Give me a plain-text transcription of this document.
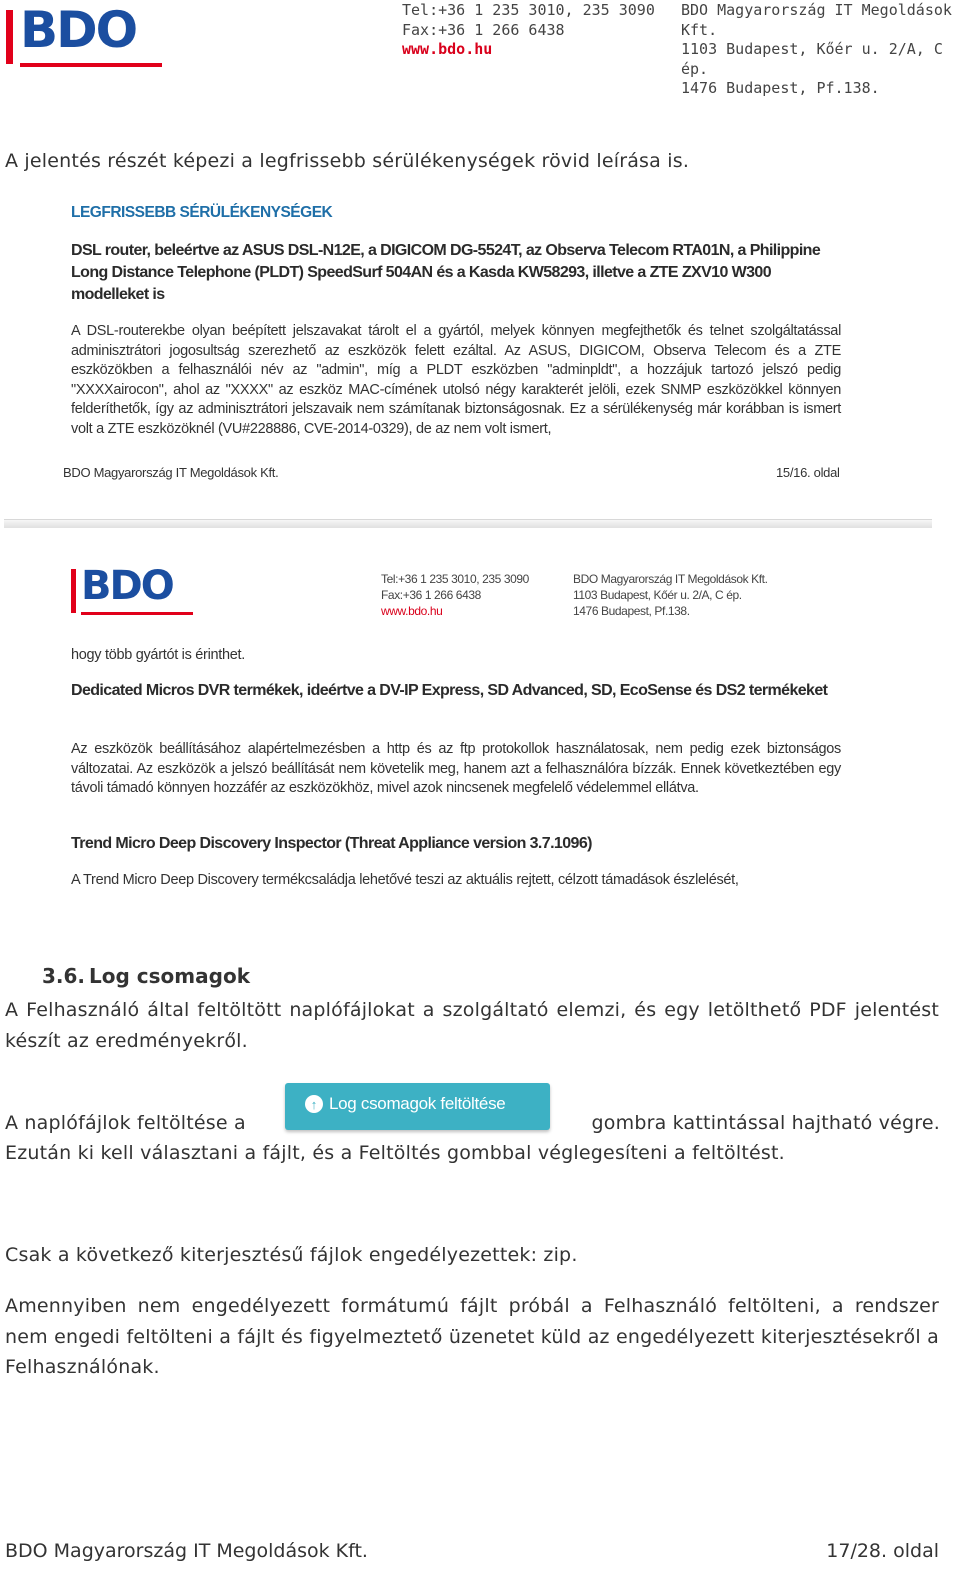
BDO	Tel:+36 1 235 3010, 235 3090
Fax:+36 1 266 6438
www.bdo.hu
BDO Magyarország IT Megoldások Kft.
1103 Budapest, Kőér u. 2/A, C ép.
1476 Budapest, Pf.138.
A jelentés részét képezi a legfrissebb sérülékenységek rövid leírása is.
LEGFRISSEBB SÉRÜLÉKENYSÉGEK
DSL router, beleértve az ASUS DSL-N12E, a DIGICOM DG-5524T, az Observa Telecom RTA01N, a Philippine Long Distance Telephone (PLDT) SpeedSurf 504AN és a Kasda KW58293, illetve a ZTE ZXV10 W300 modelleket is
A DSL-routerekbe olyan beépített jelszavakat tárolt el a gyártól, melyek könnyen megfejthetők és telnet szolgáltatással adminisztrátori jogosultság szerezhető az eszközök felett ezáltal. Az ASUS, DIGICOM, Observa Telecom és a ZTE eszközökben a felhasználói név az "admin", míg a PLDT eszközben "adminpldt", a hozzájuk tartozó jelszó pedig "XXXXairocon", ahol az "XXXX" az eszköz MAC-címének utolsó négy karakterét jelöli, ezek SNMP eszközökkel könnyen felderíthetők, így az adminisztrátori jelszavaik nem számítanak biztonságosnak. Ez a sérülékenység már korábban is ismert volt a ZTE eszközöknél (VU#228886, CVE-2014-0329), de az nem volt ismert,
BDO Magyarország IT Megoldások Kft.	15/16. oldal
BDO	Tel:+36 1 235 3010, 235 3090
Fax:+36 1 266 6438
www.bdo.hu
BDO Magyarország IT Megoldások Kft.
1103 Budapest, Kőér u. 2/A, C ép.
1476 Budapest, Pf.138.
hogy több gyártót is érinthet.
Dedicated Micros DVR termékek, ideértve a DV-IP Express, SD Advanced, SD, EcoSense és DS2 termékeket
Az eszközök beállításához alapértelmezésben a http és az ftp protokollok használatosak, nem pedig ezek biztonságos változatai. Az eszközök a jelszó beállítását nem követelik meg, hanem azt a felhasználóra bízzák. Ennek következtében egy távoli támadó könnyen hozzáfér az eszközökhöz, mivel azok nincsenek megfelelő védelemmel ellátva.
Trend Micro Deep Discovery Inspector (Threat Appliance version 3.7.1096)
A Trend Micro Deep Discovery termékcsaládja lehetővé teszi az aktuális rejtett, célzott támadások észlelését,
3.6. Log csomagok
A Felhasználó által feltöltött naplófájlokat a szolgáltató elemzi, és egy letölthető PDF jelentést készít az eredményekről.
A naplófájlok feltöltése a
↑ Log csomagok feltöltése
gombra kattintással hajtható végre.
Ezután ki kell választani a fájlt, és a Feltöltés gombbal véglegesíteni a feltöltést.
Csak a következő kiterjesztésű fájlok engedélyezettek: zip.
Amennyiben nem engedélyezett formátumú fájlt próbál a Felhasználó feltölteni, a rendszer nem engedi feltölteni a fájlt és figyelmeztető üzenetet küld az engedélyezett kiterjesztésekről a Felhasználónak.
BDO Magyarország IT Megoldások Kft.	17/28. oldal
